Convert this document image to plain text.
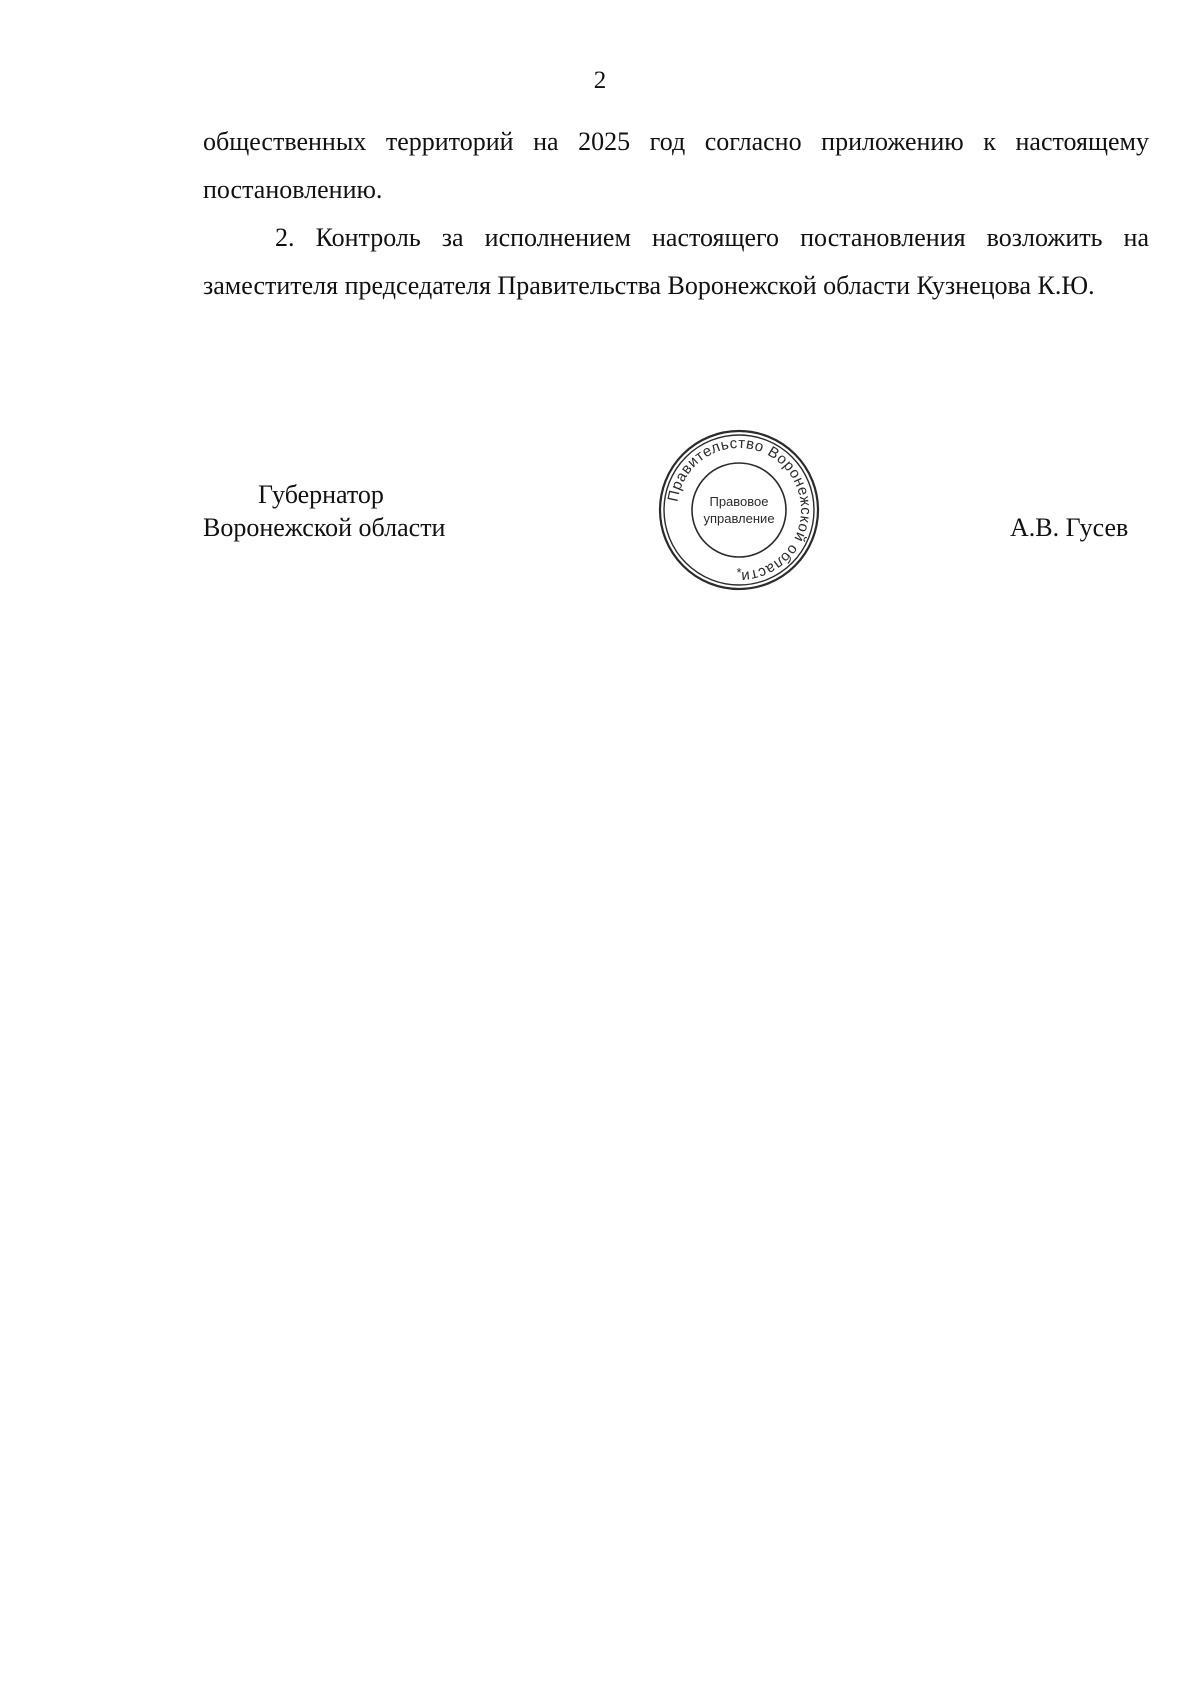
2

общественных территорий на 2025 год согласно приложению к настоящему постановлению.

2. Контроль за исполнением настоящего постановления возложить на заместителя председателя Правительства Воронежской области Кузнецова К.Ю.

Губернатор
Воронежской области
Правительство Воронежской области
Правовое
управление
*
А.В. Гусев
